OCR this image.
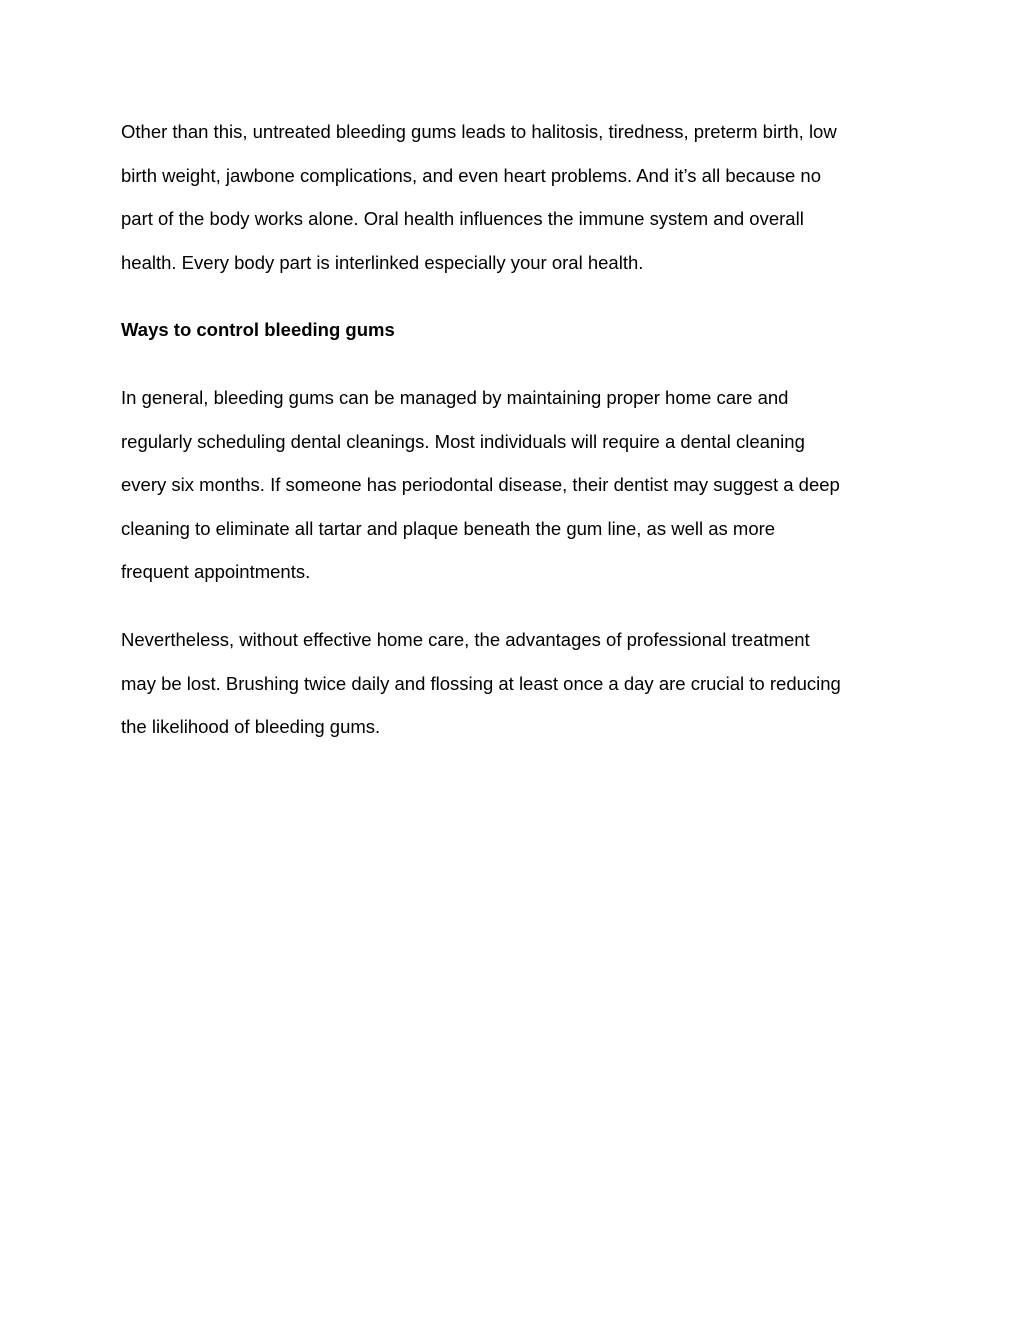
Other than this, untreated bleeding gums leads to halitosis, tiredness, preterm birth, low
birth weight, jawbone complications, and even heart problems. And it’s all because no
part of the body works alone. Oral health influences the immune system and overall
health. Every body part is interlinked especially your oral health.

Ways to control bleeding gums

In general, bleeding gums can be managed by maintaining proper home care and
regularly scheduling dental cleanings. Most individuals will require a dental cleaning
every six months. If someone has periodontal disease, their dentist may suggest a deep
cleaning to eliminate all tartar and plaque beneath the gum line, as well as more
frequent appointments.

Nevertheless, without effective home care, the advantages of professional treatment
may be lost. Brushing twice daily and flossing at least once a day are crucial to reducing
the likelihood of bleeding gums.
